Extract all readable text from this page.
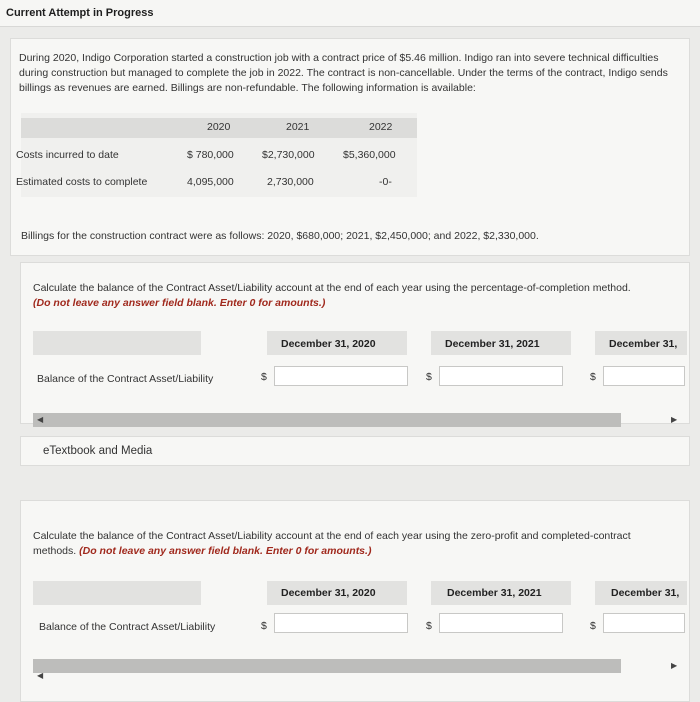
Current Attempt in Progress
During 2020, Indigo Corporation started a construction job with a contract price of $5.46 million. Indigo ran into severe technical difficulties during construction but managed to complete the job in 2022. The contract is non-cancellable. Under the terms of the contract, Indigo sends billings as revenues are earned. Billings are non-refundable. The following information is available:
2020	2021	2022
Costs incurred to date	$ 780,000	$2,730,000	$5,360,000
Estimated costs to complete	4,095,000	2,730,000	-0-
Billings for the construction contract were as follows: 2020, $680,000; 2021, $2,450,000; and 2022, $2,330,000.
Calculate the balance of the Contract Asset/Liability account at the end of each year using the percentage-of-completion method.
(Do not leave any answer field blank. Enter 0 for amounts.)
December 31, 2020	December 31, 2021	December 31,
Balance of the Contract Asset/Liability	$	$	$
◀	▶
eTextbook and Media
Calculate the balance of the Contract Asset/Liability account at the end of each year using the zero-profit and completed-contract methods. (Do not leave any answer field blank. Enter 0 for amounts.)
December 31, 2020	December 31, 2021	December 31,
Balance of the Contract Asset/Liability	$	$	$
◀
▶
